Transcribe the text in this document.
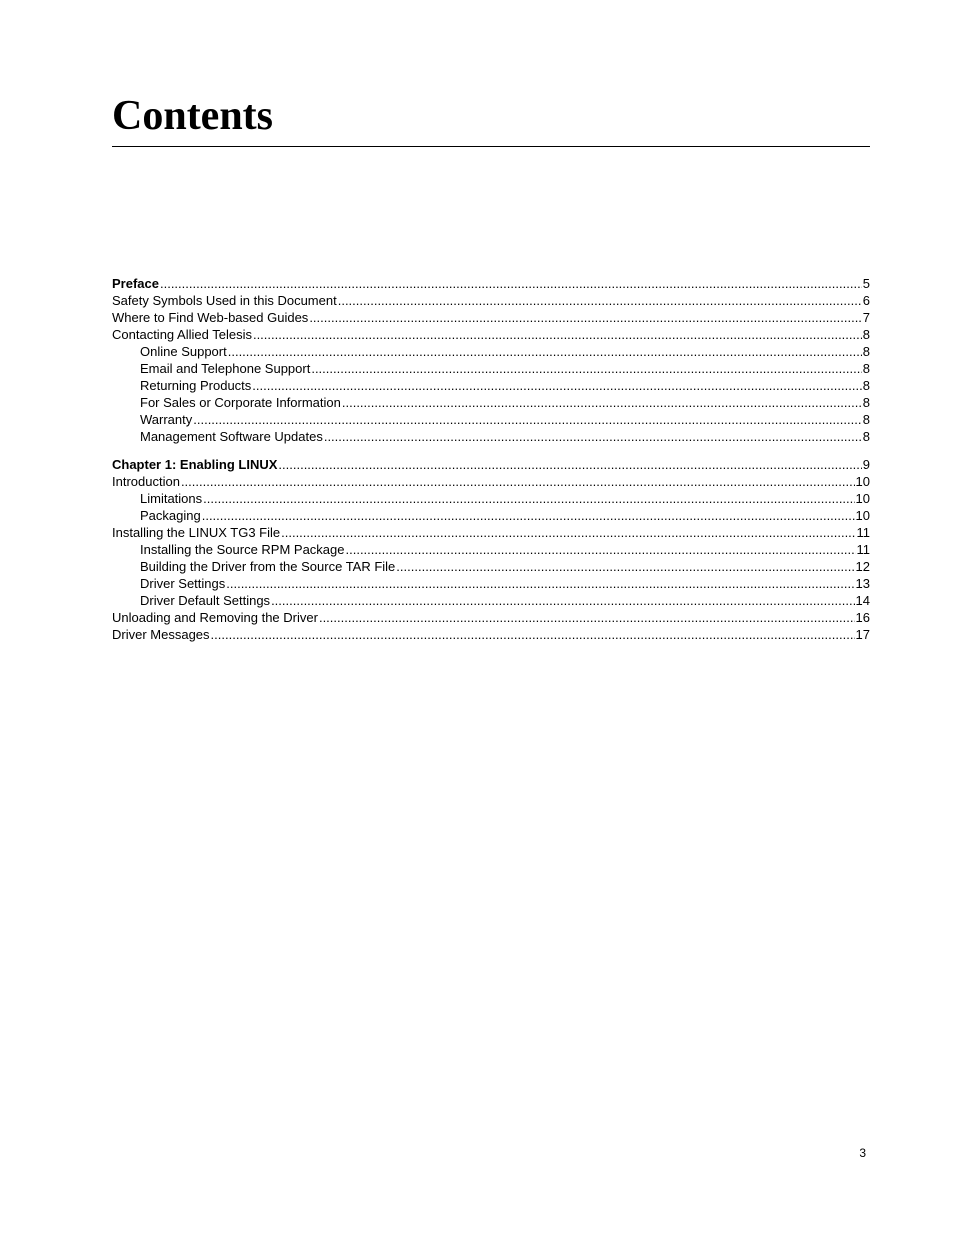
Contents
Preface .....	5
Safety Symbols Used in this Document .....	6
Where to Find Web-based Guides .....	7
Contacting Allied Telesis .....	8
Online Support .....	8
Email and Telephone Support .....	8
Returning Products .....	8
For Sales or Corporate Information .....	8
Warranty .....	8
Management Software Updates .....	8
Chapter 1: Enabling LINUX .....	9
Introduction .....	10
Limitations .....	10
Packaging .....	10
Installing the LINUX TG3 File .....	11
Installing the Source RPM Package .....	11
Building the Driver from the Source TAR File .....	12
Driver Settings .....	13
Driver Default Settings .....	14
Unloading and Removing the Driver .....	16
Driver Messages .....	17
3
